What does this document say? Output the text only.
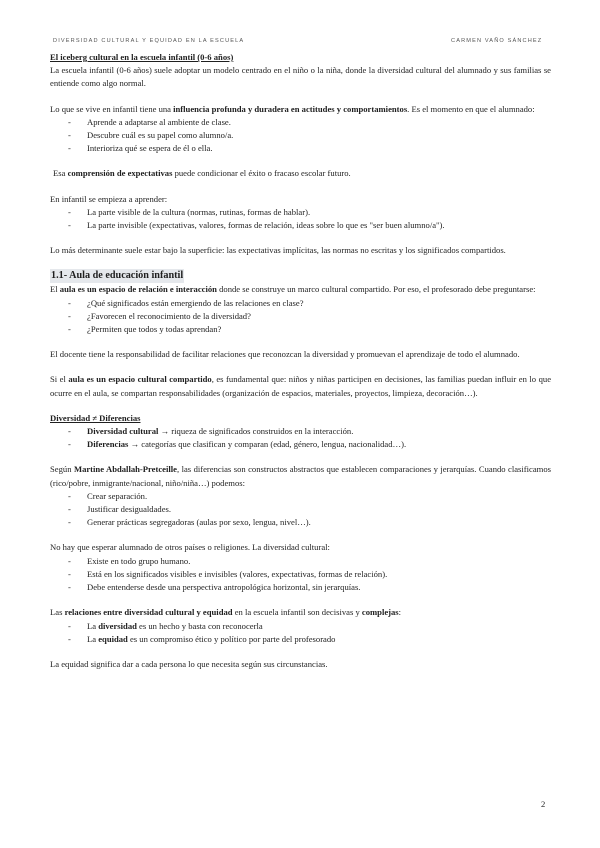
DIVERSIDAD CULTURAL Y EQUIDAD EN LA ESCUELA	CARMEN VAÑO SÁNCHEZ

El iceberg cultural en la escuela infantil (0-6 años)

La escuela infantil (0-6 años) suele adoptar un modelo centrado en el niño o la niña, donde la diversidad cultural del alumnado y sus familias se entiende como algo normal.

Lo que se vive en infantil tiene una influencia profunda y duradera en actitudes y comportamientos. Es el momento en que el alumnado:

- Aprende a adaptarse al ambiente de clase.
- Descubre cuál es su papel como alumno/a.
- Interioriza qué se espera de él o ella.

Esa comprensión de expectativas puede condicionar el éxito o fracaso escolar futuro.

En infantil se empieza a aprender:

- La parte visible de la cultura (normas, rutinas, formas de hablar).
- La parte invisible (expectativas, valores, formas de relación, ideas sobre lo que es "ser buen alumno/a").

Lo más determinante suele estar bajo la superficie: las expectativas implícitas, las normas no escritas y los significados compartidos.

1.1- Aula de educación infantil

El aula es un espacio de relación e interacción donde se construye un marco cultural compartido. Por eso, el profesorado debe preguntarse:

- ¿Qué significados están emergiendo de las relaciones en clase?
- ¿Favorecen el reconocimiento de la diversidad?
- ¿Permiten que todos y todas aprendan?

El docente tiene la responsabilidad de facilitar relaciones que reconozcan la diversidad y promuevan el aprendizaje de todo el alumnado.

Si el aula es un espacio cultural compartido, es fundamental que: niños y niñas participen en decisiones, las familias puedan influir en lo que ocurre en el aula, se compartan responsabilidades (organización de espacios, materiales, proyectos, limpieza, decoración…).

Diversidad ≠ Diferencias

- Diversidad cultural → riqueza de significados construidos en la interacción.
- Diferencias → categorías que clasifican y comparan (edad, género, lengua, nacionalidad…).

Según Martine Abdallah-Pretceille, las diferencias son constructos abstractos que establecen comparaciones y jerarquías. Cuando clasificamos (rico/pobre, inmigrante/nacional, niño/niña…) podemos:

- Crear separación.
- Justificar desigualdades.
- Generar prácticas segregadoras (aulas por sexo, lengua, nivel…).

No hay que esperar alumnado de otros países o religiones. La diversidad cultural:

- Existe en todo grupo humano.
- Está en los significados visibles e invisibles (valores, expectativas, formas de relación).
- Debe entenderse desde una perspectiva antropológica horizontal, sin jerarquías.

Las relaciones entre diversidad cultural y equidad en la escuela infantil son decisivas y complejas:

- La diversidad es un hecho y basta con reconocerla
- La equidad es un compromiso ético y político por parte del profesorado

La equidad significa dar a cada persona lo que necesita según sus circunstancias.

2
